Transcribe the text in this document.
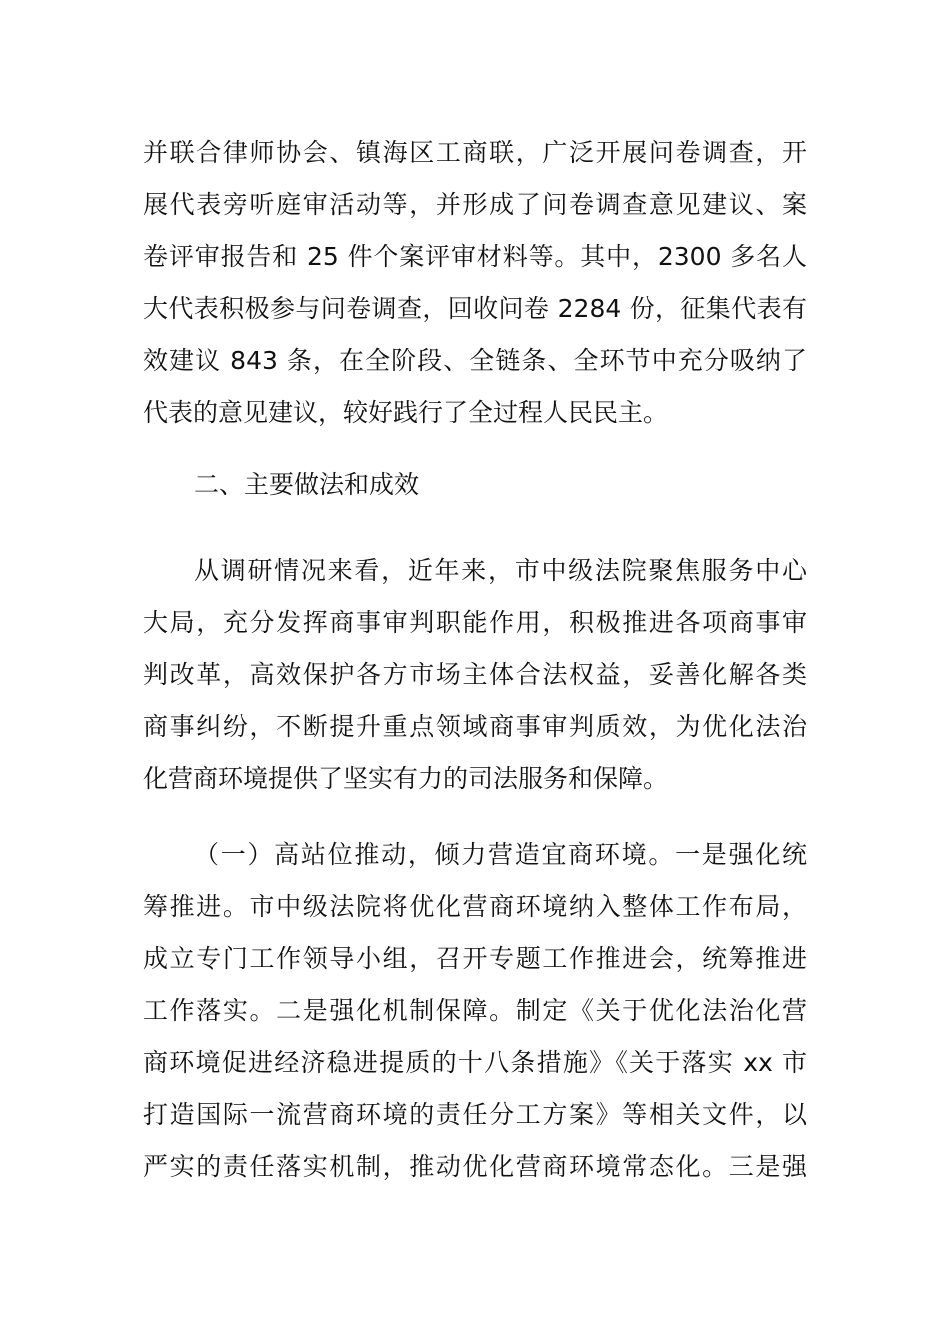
并联合律师协会、镇海区工商联，广泛开展问卷调查，开
展代表旁听庭审活动等，并形成了问卷调查意见建议、案
卷评审报告和 25 件个案评审材料等。其中，2300 多名人
大代表积极参与问卷调查，回收问卷 2284 份，征集代表有
效建议 843 条，在全阶段、全链条、全环节中充分吸纳了
代表的意见建议，较好践行了全过程人民民主。
二、主要做法和成效
从调研情况来看，近年来，市中级法院聚焦服务中心
大局，充分发挥商事审判职能作用，积极推进各项商事审
判改革，高效保护各方市场主体合法权益，妥善化解各类
商事纠纷，不断提升重点领域商事审判质效，为优化法治
化营商环境提供了坚实有力的司法服务和保障。
（一）高站位推动，倾力营造宜商环境。一是强化统
筹推进。市中级法院将优化营商环境纳入整体工作布局，
成立专门工作领导小组，召开专题工作推进会，统筹推进
工作落实。二是强化机制保障。制定《关于优化法治化营
商环境促进经济稳进提质的十八条措施》《关于落实 xx 市
打造国际一流营商环境的责任分工方案》等相关文件，以
严实的责任落实机制，推动优化营商环境常态化。三是强
